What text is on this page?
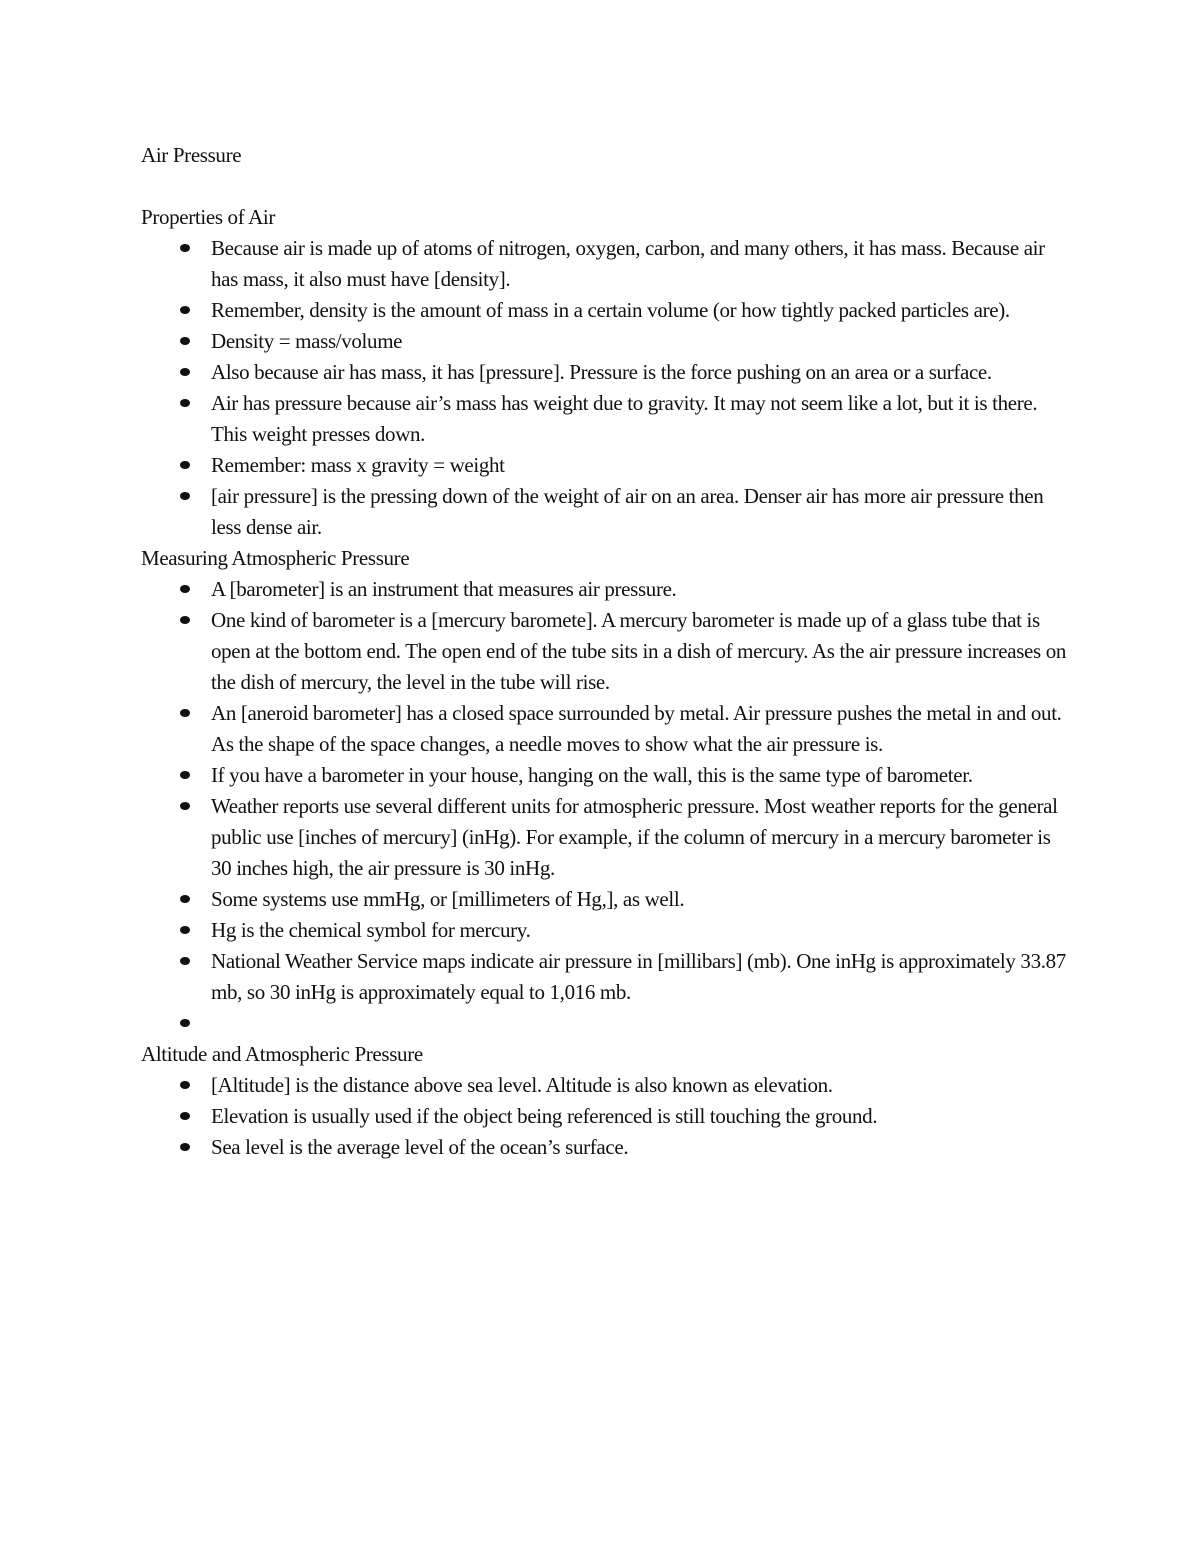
Air Pressure
Properties of Air
Because air is made up of atoms of nitrogen, oxygen, carbon, and many others, it has mass. Because air has mass, it also must have [density].
Remember, density is the amount of mass in a certain volume (or how tightly packed particles are).
Density = mass/volume
Also because air has mass, it has [pressure]. Pressure is the force pushing on an area or a surface.
Air has pressure because air’s mass has weight due to gravity. It may not seem like a lot, but it is there. This weight presses down.
Remember: mass x gravity = weight
[air pressure] is the pressing down of the weight of air on an area. Denser air has more air pressure then less dense air.
Measuring Atmospheric Pressure
A [barometer] is an instrument that measures air pressure.
One kind of barometer is a [mercury baromete]. A mercury barometer is made up of a glass tube that is open at the bottom end. The open end of the tube sits in a dish of mercury. As the air pressure increases on the dish of mercury, the level in the tube will rise.
An [aneroid barometer] has a closed space surrounded by metal. Air pressure pushes the metal in and out. As the shape of the space changes, a needle moves to show what the air pressure is.
If you have a barometer in your house, hanging on the wall, this is the same type of barometer.
Weather reports use several different units for atmospheric pressure. Most weather reports for the general public use [inches of mercury] (inHg). For example, if the column of mercury in a mercury barometer is 30 inches high, the air pressure is 30 inHg.
Some systems use mmHg, or [millimeters of Hg,], as well.
Hg is the chemical symbol for mercury.
National Weather Service maps indicate air pressure in [millibars] (mb). One inHg is approximately 33.87 mb, so 30 inHg is approximately equal to 1,016 mb.
Altitude and Atmospheric Pressure
[Altitude] is the distance above sea level. Altitude is also known as elevation.
Elevation is usually used if the object being referenced is still touching the ground.
Sea level is the average level of the ocean’s surface.
